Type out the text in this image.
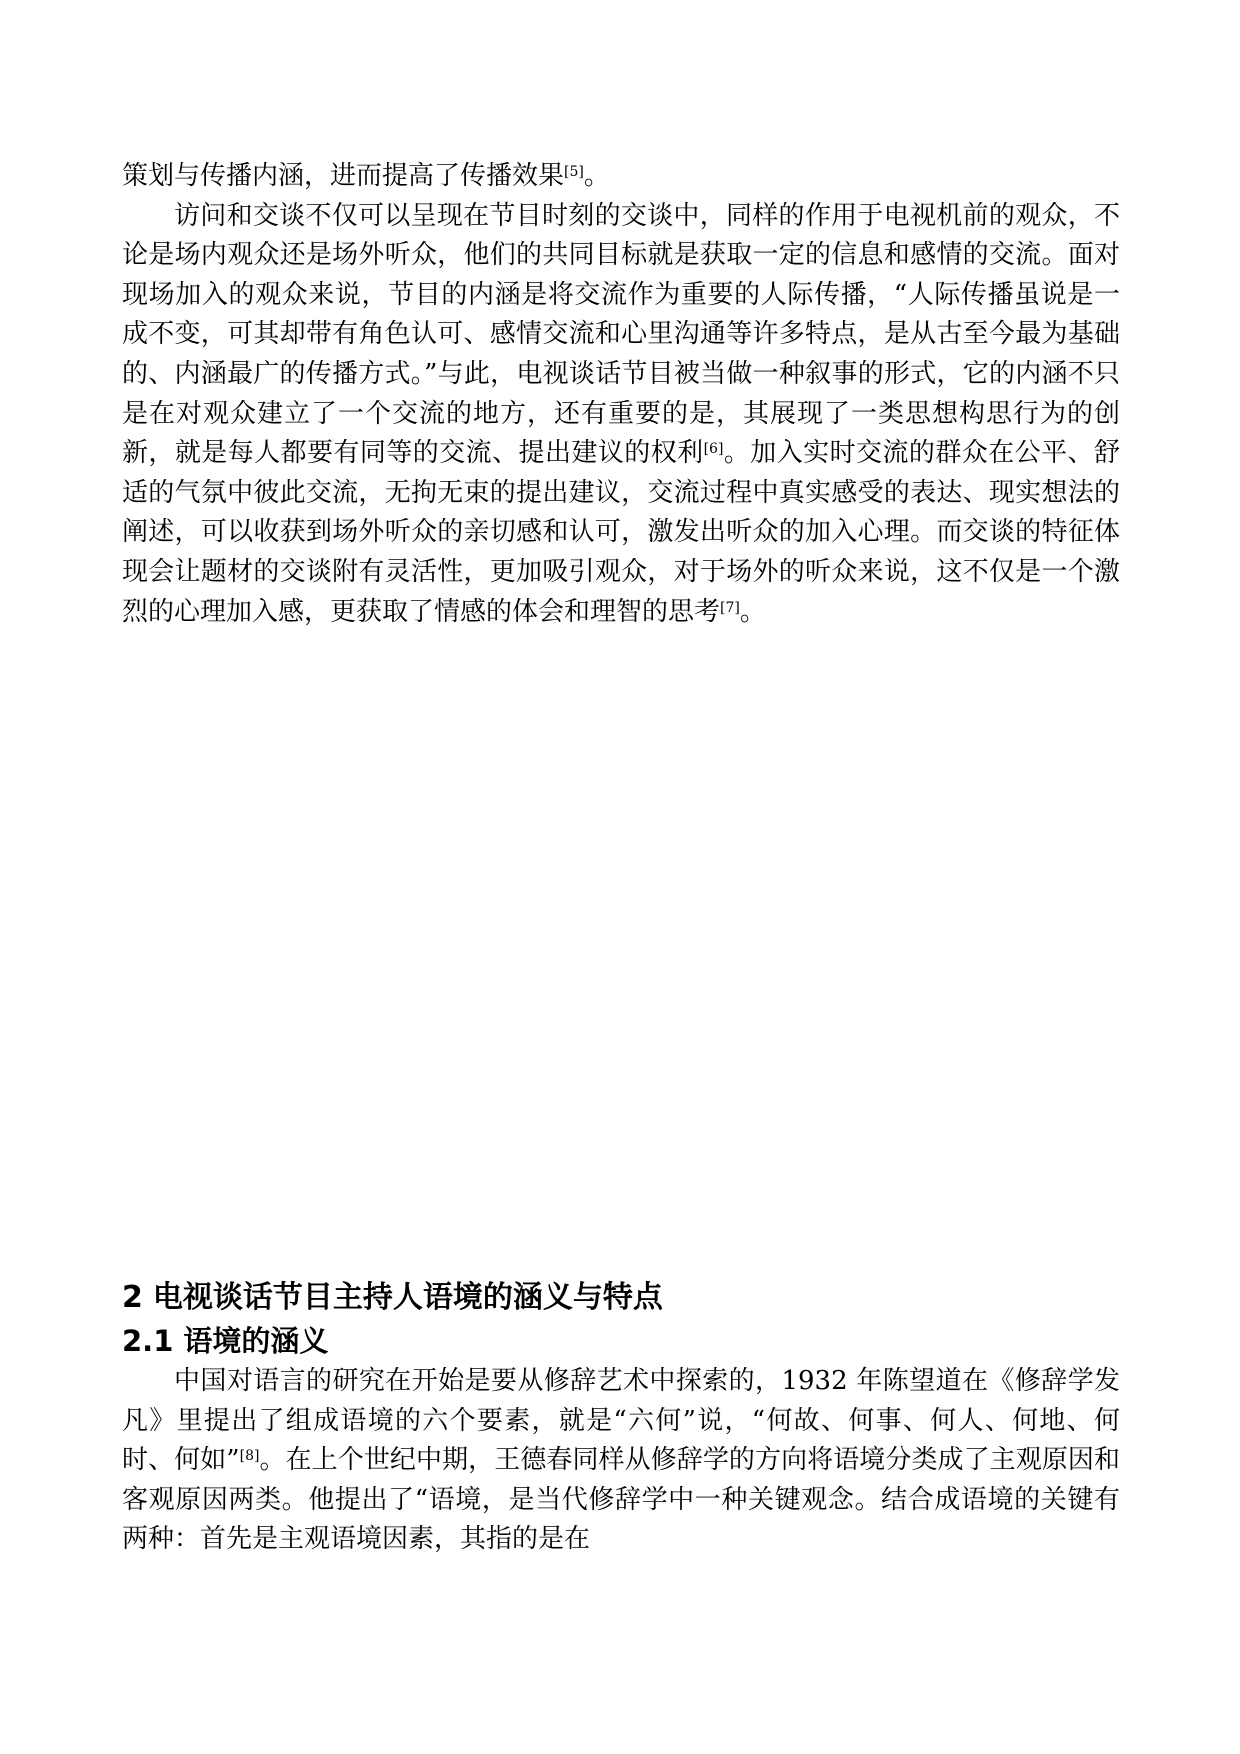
策划与传播内涵，进而提高了传播效果[5]。

访问和交谈不仅可以呈现在节目时刻的交谈中，同样的作用于电视机前的观众，不论是场内观众还是场外听众，他们的共同目标就是获取一定的信息和感情的交流。面对现场加入的观众来说，节目的内涵是将交流作为重要的人际传播，“人际传播虽说是一成不变，可其却带有角色认可、感情交流和心里沟通等许多特点，是从古至今最为基础的、内涵最广的传播方式。”与此，电视谈话节目被当做一种叙事的形式，它的内涵不只是在对观众建立了一个交流的地方，还有重要的是，其展现了一类思想构思行为的创新，就是每人都要有同等的交流、提出建议的权利[6]。加入实时交流的群众在公平、舒适的气氛中彼此交流，无拘无束的提出建议，交流过程中真实感受的表达、现实想法的阐述，可以收获到场外听众的亲切感和认可，激发出听众的加入心理。而交谈的特征体现会让题材的交谈附有灵活性，更加吸引观众，对于场外的听众来说，这不仅是一个激烈的心理加入感，更获取了情感的体会和理智的思考[7]。

2 电视谈话节目主持人语境的涵义与特点
2.1 语境的涵义

中国对语言的研究在开始是要从修辞艺术中探索的，1932 年陈望道在《修辞学发凡》里提出了组成语境的六个要素，就是“六何”说，“何故、何事、何人、何地、何时、何如”[8]。在上个世纪中期，王德春同样从修辞学的方向将语境分类成了主观原因和客观原因两类。他提出了“语境，是当代修辞学中一种关键观念。结合成语境的关键有两种：首先是主观语境因素，其指的是在
